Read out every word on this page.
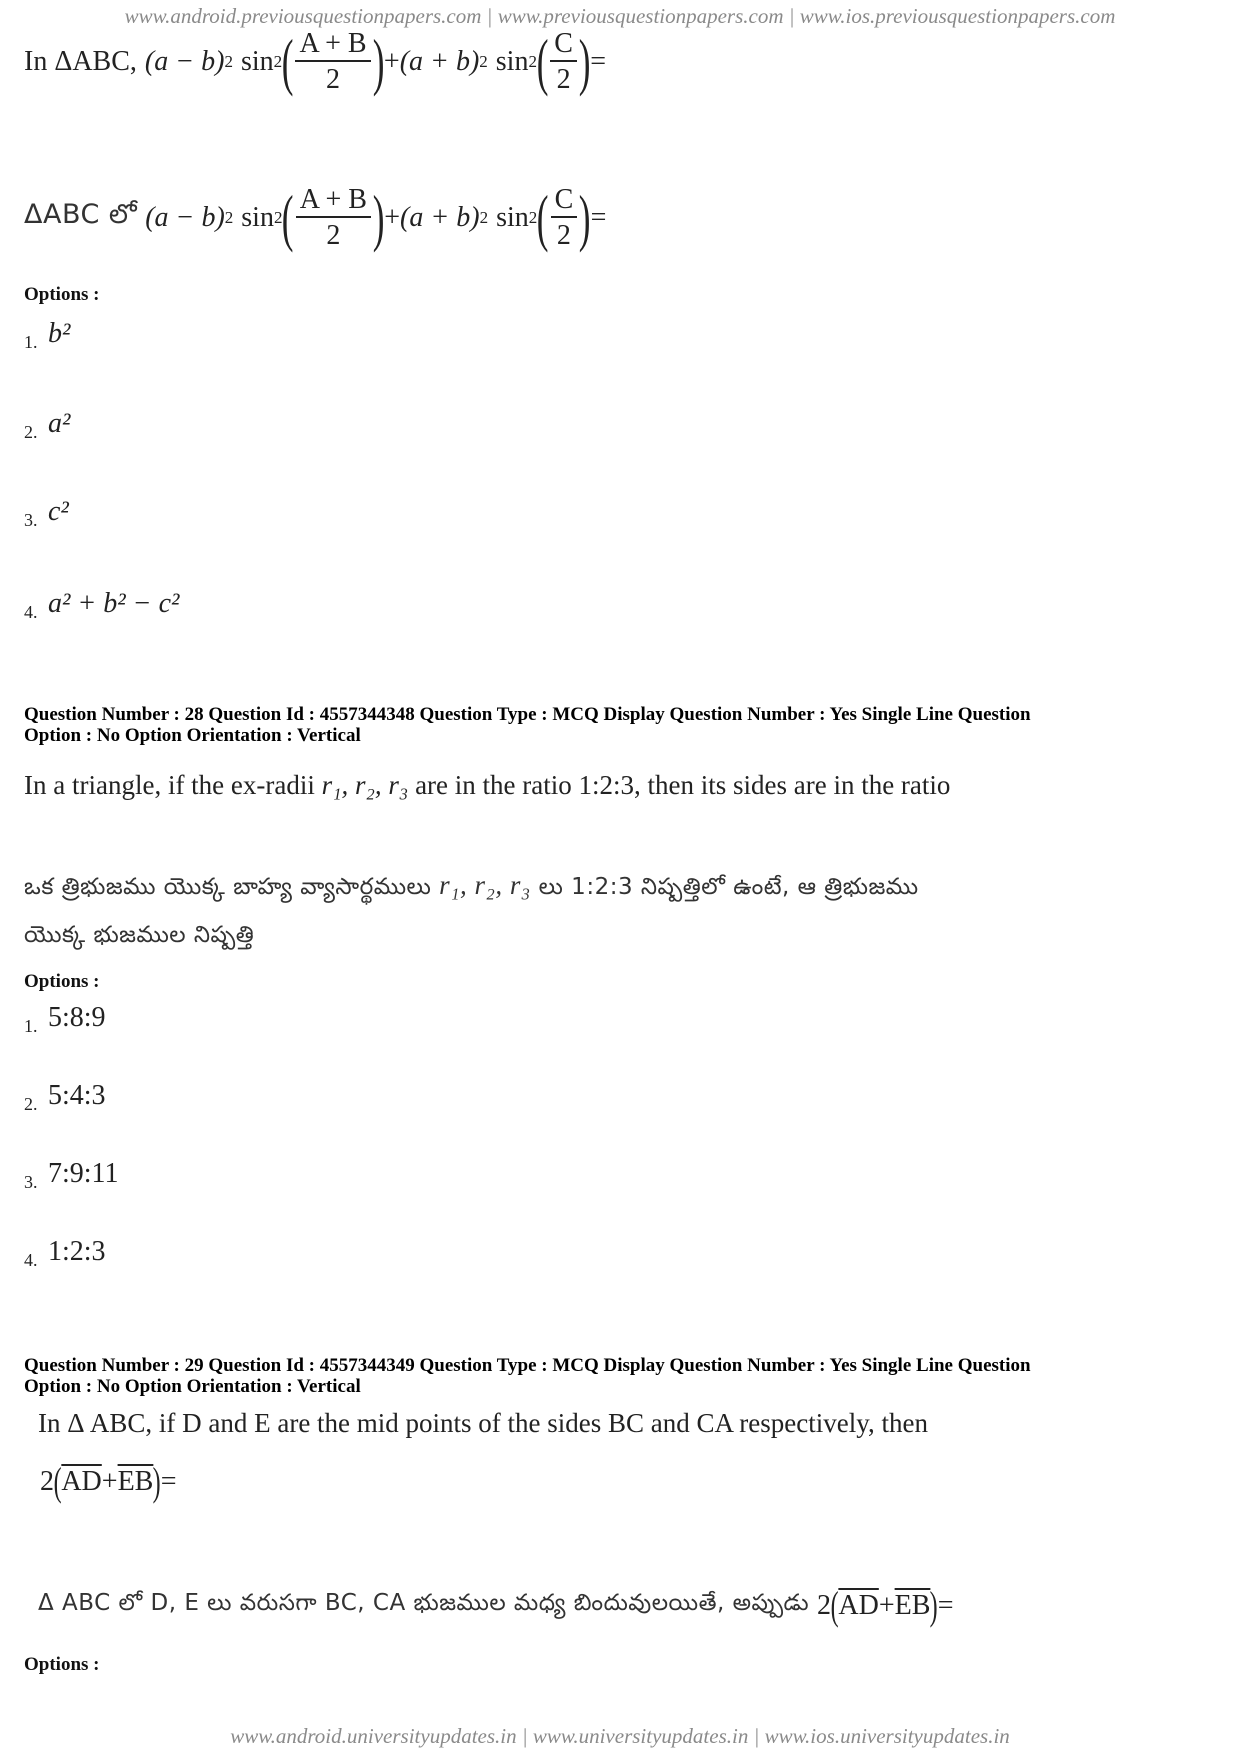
www.android.previousquestionpapers.com | www.previousquestionpapers.com | www.ios.previousquestionpapers.com
www.android.universityupdates.in | www.universityupdates.in | www.ios.universityupdates.in
In ΔABC, (a − b) 2 sin 2 ( $\frac{A + B}{2}$ ) + (a + b) 2 sin 2 ( $\frac{C}{2}$ ) =
ΔABC లో (a − b) 2 sin 2 ( $\frac{A + B}{2}$ ) + (a + b) 2 sin 2 ( $\frac{C}{2}$ ) =
Options :
1. b²
2. a²
3. c²
4. a² + b² − c²
Question Number : 28 Question Id : 4557344348 Question Type : MCQ Display Question Number : Yes Single Line Question
Option : No Option Orientation : Vertical
In a triangle, if the ex-radii r₁, r₂, r₃ are in the ratio 1:2:3, then its sides are in the ratio
ఒక త్రిభుజము యొక్క బాహ్య వ్యాసార్థములు r₁, r₂, r₃ లు 1:2:3 నిష్పత్తిలో ఉంటే, ఆ త్రిభుజము
యొక్క భుజముల నిష్పత్తి
Options :
1. 5:8:9
2. 5:4:3
3. 7:9:11
4. 1:2:3
Question Number : 29 Question Id : 4557344349 Question Type : MCQ Display Question Number : Yes Single Line Question
Option : No Option Orientation : Vertical
In Δ ABC, if D and E are the mid points of the sides BC and CA respectively, then
2 ( $\overline{AD} + \overline{EB}$ ) =
Δ ABC లో D, E లు వరుసగా BC, CA భుజముల మధ్య బిందువులయితే, అప్పుడు 2 ( $\overline{AD} + \overline{EB}$ ) =
Options :
